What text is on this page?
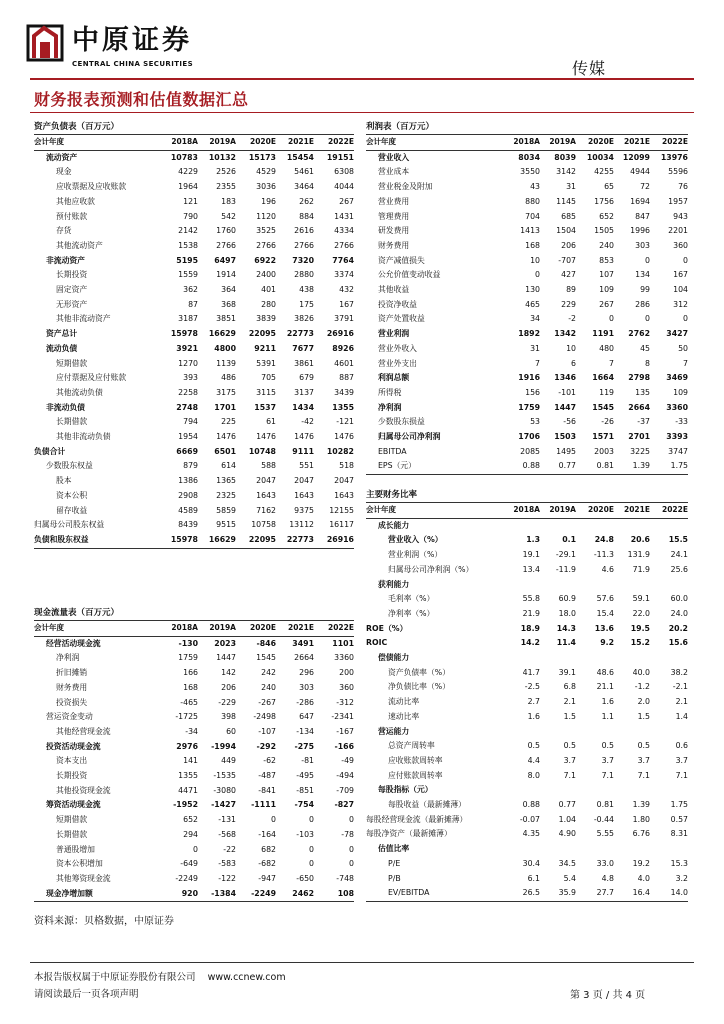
中原证券
CENTRAL CHINA SECURITIES	传媒
财务报表预测和估值数据汇总
资产负债表（百万元）
会计年度	2018A	2019A	2020E	2021E	2022E
流动资产	10783	10132	15173	15454	19151
现金	4229	2526	4529	5461	6308
应收票据及应收账款	1964	2355	3036	3464	4044
其他应收款	121	183	196	262	267
预付账款	790	542	1120	884	1431
存货	2142	1760	3525	2616	4334
其他流动资产	1538	2766	2766	2766	2766
非流动资产	5195	6497	6922	7320	7764
长期投资	1559	1914	2400	2880	3374
固定资产	362	364	401	438	432
无形资产	87	368	280	175	167
其他非流动资产	3187	3851	3839	3826	3791
资产总计	15978	16629	22095	22773	26916
流动负债	3921	4800	9211	7677	8926
短期借款	1270	1139	5391	3861	4601
应付票据及应付账款	393	486	705	679	887
其他流动负债	2258	3175	3115	3137	3439
非流动负债	2748	1701	1537	1434	1355
长期借款	794	225	61	-42	-121
其他非流动负债	1954	1476	1476	1476	1476
负债合计	6669	6501	10748	9111	10282
少数股东权益	879	614	588	551	518
股本	1386	1365	2047	2047	2047
资本公积	2908	2325	1643	1643	1643
留存收益	4589	5859	7162	9375	12155
归属母公司股东权益	8439	9515	10758	13112	16117
负债和股东权益	15978	16629	22095	22773	26916
利润表（百万元）
会计年度	2018A	2019A	2020E	2021E	2022E
营业收入	8034	8039	10034	12099	13976
营业成本	3550	3142	4255	4944	5596
营业税金及附加	43	31	65	72	76
营业费用	880	1145	1756	1694	1957
管理费用	704	685	652	847	943
研发费用	1413	1504	1505	1996	2201
财务费用	168	206	240	303	360
资产减值损失	10	-707	853	0	0
公允价值变动收益	0	427	107	134	167
其他收益	130	89	109	99	104
投资净收益	465	229	267	286	312
资产处置收益	34	-2	0	0	0
营业利润	1892	1342	1191	2762	3427
营业外收入	31	10	480	45	50
营业外支出	7	6	7	8	7
利润总额	1916	1346	1664	2798	3469
所得税	156	-101	119	135	109
净利润	1759	1447	1545	2664	3360
少数股东损益	53	-56	-26	-37	-33
归属母公司净利润	1706	1503	1571	2701	3393
EBITDA	2085	1495	2003	3225	3747
EPS（元）	0.88	0.77	0.81	1.39	1.75
主要财务比率
会计年度	2018A	2019A	2020E	2021E	2022E
成长能力					
营业收入（%）	1.3	0.1	24.8	20.6	15.5
营业利润（%）	19.1	-29.1	-11.3	131.9	24.1
归属母公司净利润（%）	13.4	-11.9	4.6	71.9	25.6
获利能力					
毛利率（%）	55.8	60.9	57.6	59.1	60.0
净利率（%）	21.9	18.0	15.4	22.0	24.0
ROE（%）	18.9	14.3	13.6	19.5	20.2
ROIC	14.2	11.4	9.2	15.2	15.6
偿债能力					
资产负债率（%）	41.7	39.1	48.6	40.0	38.2
净负债比率（%）	-2.5	6.8	21.1	-1.2	-2.1
流动比率	2.7	2.1	1.6	2.0	2.1
速动比率	1.6	1.5	1.1	1.5	1.4
营运能力					
总资产周转率	0.5	0.5	0.5	0.5	0.6
应收账款周转率	4.4	3.7	3.7	3.7	3.7
应付账款周转率	8.0	7.1	7.1	7.1	7.1
每股指标（元）					
每股收益（最新摊薄）	0.88	0.77	0.81	1.39	1.75
每股经营现金流（最新摊薄）	-0.07	1.04	-0.44	1.80	0.57
每股净资产（最新摊薄）	4.35	4.90	5.55	6.76	8.31
估值比率					
P/E	30.4	34.5	33.0	19.2	15.3
P/B	6.1	5.4	4.8	4.0	3.2
EV/EBITDA	26.5	35.9	27.7	16.4	14.0
现金流量表（百万元）
会计年度	2018A	2019A	2020E	2021E	2022E
经营活动现金流	-130	2023	-846	3491	1101
净利润	1759	1447	1545	2664	3360
折旧摊销	166	142	242	296	200
财务费用	168	206	240	303	360
投资损失	-465	-229	-267	-286	-312
营运资金变动	-1725	398	-2498	647	-2341
其他经营现金流	-34	60	-107	-134	-167
投资活动现金流	2976	-1994	-292	-275	-166
资本支出	141	449	-62	-81	-49
长期投资	1355	-1535	-487	-495	-494
其他投资现金流	4471	-3080	-841	-851	-709
筹资活动现金流	-1952	-1427	-1111	-754	-827
短期借款	652	-131	0	0	0
长期借款	294	-568	-164	-103	-78
普通股增加	0	-22	682	0	0
资本公积增加	-649	-583	-682	0	0
其他筹资现金流	-2249	-122	-947	-650	-748
现金净增加额	920	-1384	-2249	2462	108
资料来源：贝格数据，中原证券
本报告版权属于中原证券股份有限公司 www.ccnew.com
请阅读最后一页各项声明	第 3 页 / 共 4 页
